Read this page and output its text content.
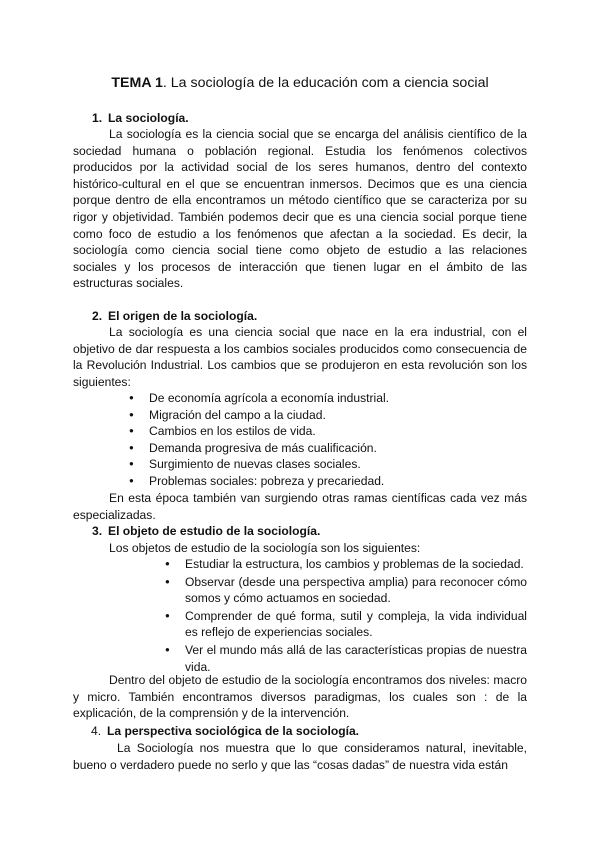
TEMA 1. La sociología de la educación com a ciencia social
1. La sociología.
La sociología es la ciencia social que se encarga del análisis científico de la sociedad humana o población regional. Estudia los fenómenos colectivos producidos por la actividad social de los seres humanos, dentro del contexto histórico-cultural en el que se encuentran inmersos. Decimos que es una ciencia porque dentro de ella encontramos un método científico que se caracteriza por su rigor y objetividad. También podemos decir que es una ciencia social porque tiene como foco de estudio a los fenómenos que afectan a la sociedad. Es decir, la sociología como ciencia social tiene como objeto de estudio a las relaciones sociales y los procesos de interacción que tienen lugar en el ámbito de las estructuras sociales.
2. El origen de la sociología.
La sociología es una ciencia social que nace en la era industrial, con el objetivo de dar respuesta a los cambios sociales producidos como consecuencia de la Revolución Industrial. Los cambios que se produjeron en esta revolución son los siguientes:
● De economía agrícola a economía industrial.
● Migración del campo a la ciudad.
● Cambios en los estilos de vida.
● Demanda progresiva de más cualificación.
● Surgimiento de nuevas clases sociales.
● Problemas sociales: pobreza y precariedad.
En esta época también van surgiendo otras ramas científicas cada vez más especializadas.
3. El objeto de estudio de la sociología.
Los objetos de estudio de la sociología son los siguientes:
● Estudiar la estructura, los cambios y problemas de la sociedad.
● Observar (desde una perspectiva amplia) para reconocer cómo somos y cómo actuamos en sociedad.
● Comprender de qué forma, sutil y compleja, la vida individual es reflejo de experiencias sociales.
● Ver el mundo más allá de las características propias de nuestra vida.
Dentro del objeto de estudio de la sociología encontramos dos niveles: macro y micro. También encontramos diversos paradigmas, los cuales son : de la explicación, de la comprensión y de la intervención.
4. La perspectiva sociológica de la sociología.
La Sociología nos muestra que lo que consideramos natural, inevitable, bueno o verdadero puede no serlo y que las “cosas dadas” de nuestra vida están
